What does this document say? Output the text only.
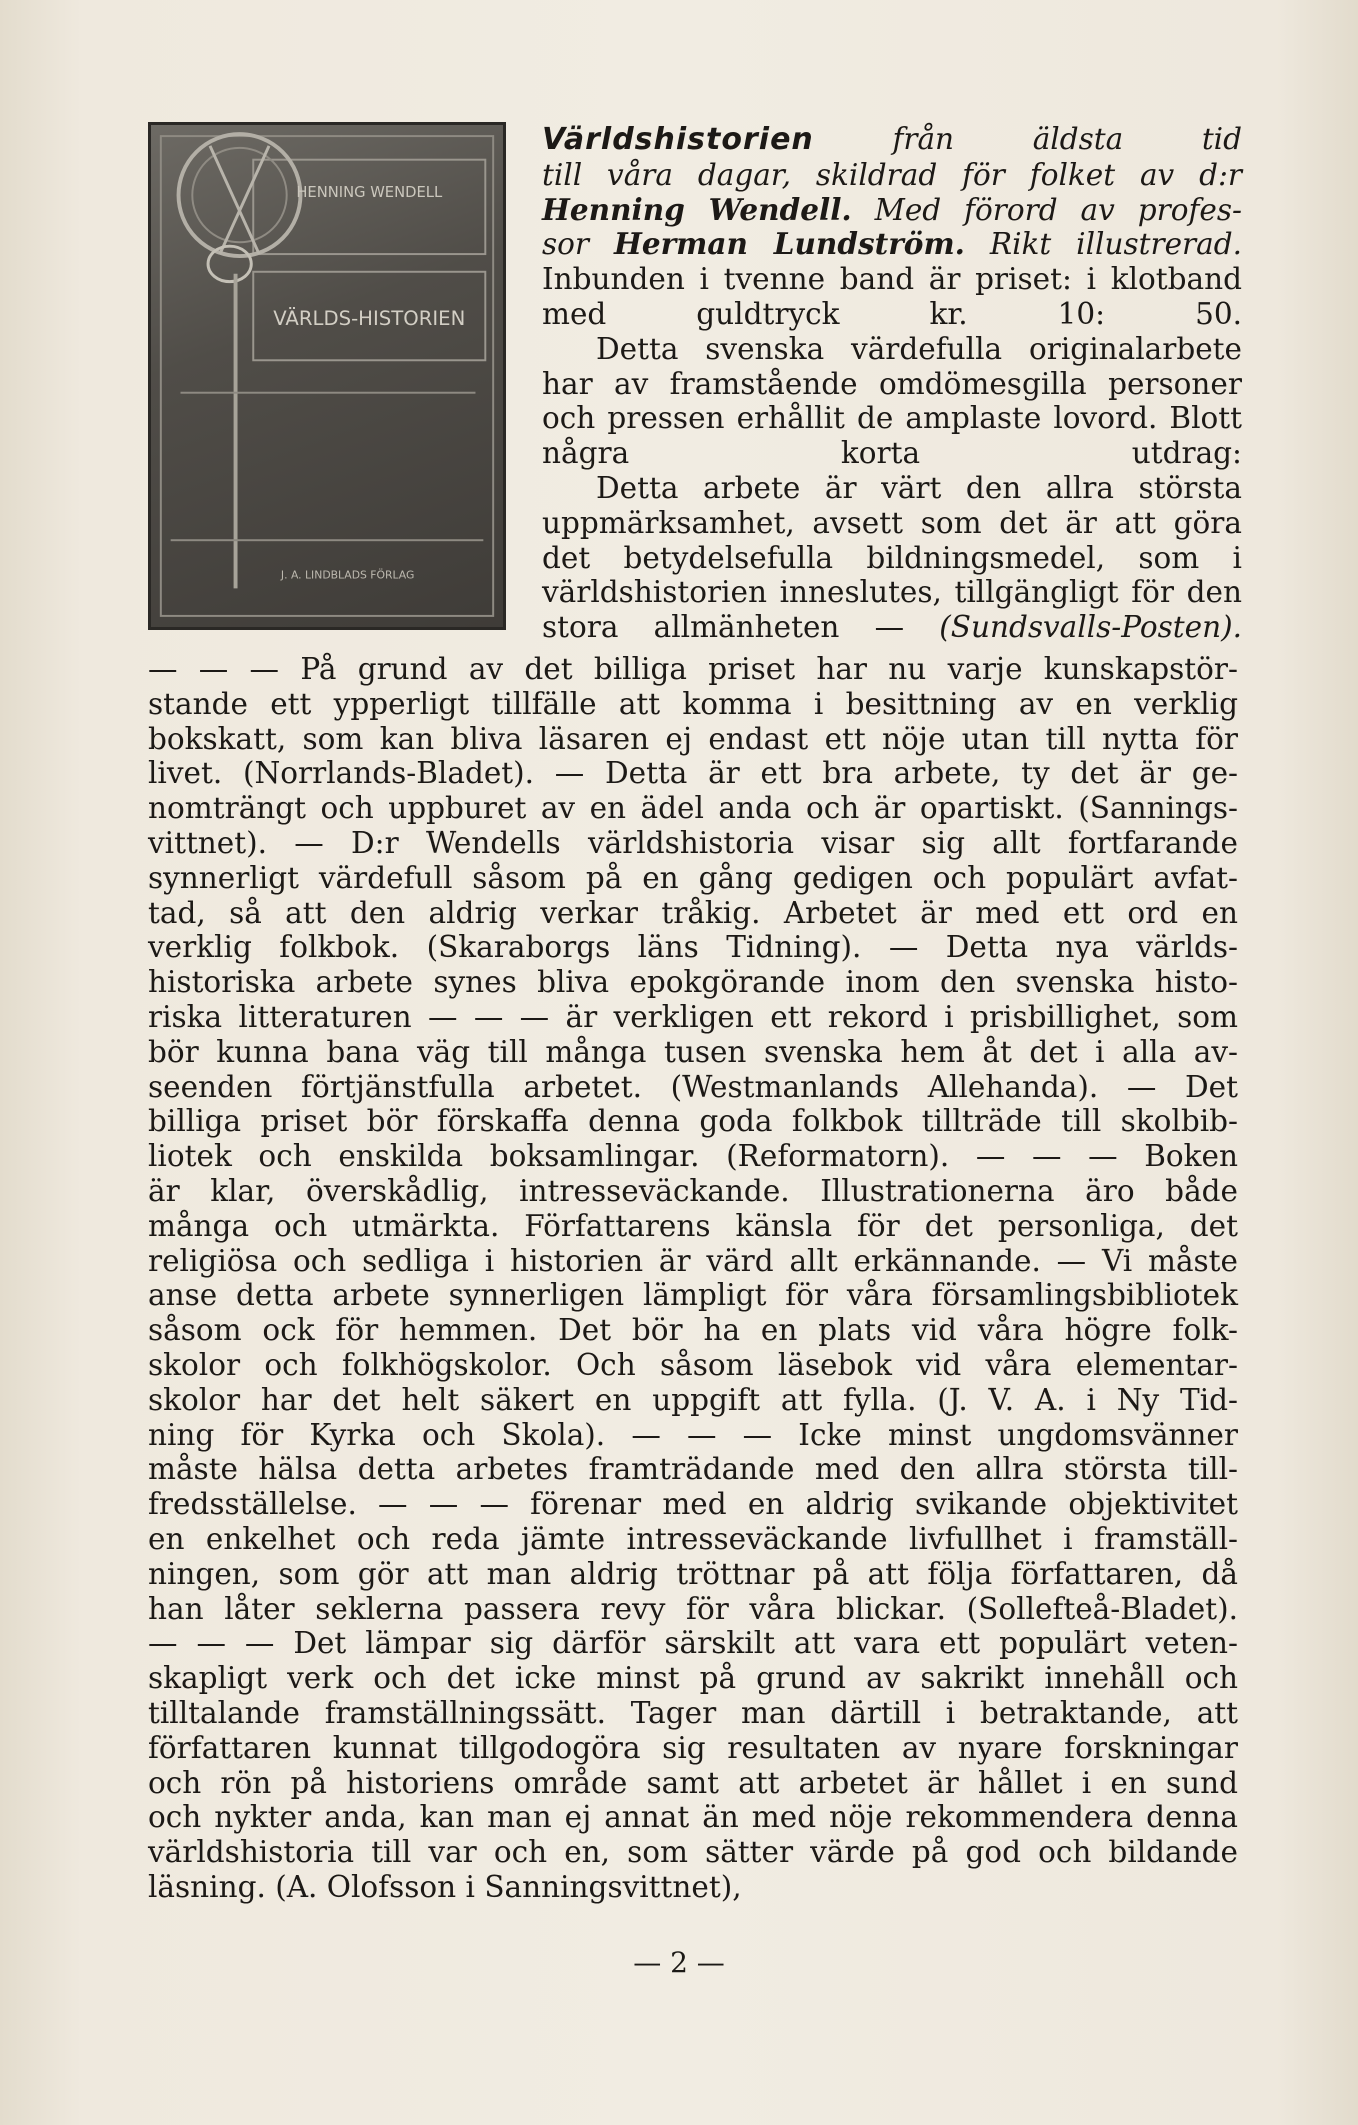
HENNING WENDELL
VÄRLDS-HISTORIEN
J. A. LINDBLADS FÖRLAG
Världshistorien	från äldsta tid
till våra dagar, skildrad för folket av d:r
Henning Wendell. Med förord av profes-
sor Herman Lundström. Rikt illustrerad.
Inbunden i tvenne band är priset: i klotband
med guldtryck kr. 10: 50.
Detta svenska värdefulla originalarbete
har av framstående omdömesgilla personer
och pressen erhållit de amplaste lovord. Blott
några korta utdrag:
Detta arbete är värt den allra största
uppmärksamhet, avsett som det är att göra
det betydelsefulla bildningsmedel, som i
världshistorien inneslutes, tillgängligt för den
stora allmänheten — (Sundsvalls-Posten).
— — — På grund av det billiga priset har nu varje kunskapstör-
stande ett ypperligt tillfälle att komma i besittning av en verklig
bokskatt, som kan bliva läsaren ej endast ett nöje utan till nytta för
livet. (Norrlands-Bladet). — Detta är ett bra arbete, ty det är ge-
nomträngt och uppburet av en ädel anda och är opartiskt. (Sannings-
vittnet). — D:r Wendells världshistoria visar sig allt fortfarande
synnerligt värdefull såsom på en gång gedigen och populärt avfat-
tad, så att den aldrig verkar tråkig. Arbetet är med ett ord en
verklig folkbok. (Skaraborgs läns Tidning). — Detta nya världs-
historiska arbete synes bliva epokgörande inom den svenska histo-
riska litteraturen — — — är verkligen ett rekord i prisbillighet, som
bör kunna bana väg till många tusen svenska hem åt det i alla av-
seenden förtjänstfulla arbetet. (Westmanlands Allehanda). — Det
billiga priset bör förskaffa denna goda folkbok tillträde till skolbib-
liotek och enskilda boksamlingar. (Reformatorn). — — — Boken
är klar, överskådlig, intresseväckande. Illustrationerna äro både
många och utmärkta. Författarens känsla för det personliga, det
religiösa och sedliga i historien är värd allt erkännande. — Vi måste
anse detta arbete synnerligen lämpligt för våra församlingsbibliotek
såsom ock för hemmen. Det bör ha en plats vid våra högre folk-
skolor och folkhögskolor. Och såsom läsebok vid våra elementar-
skolor har det helt säkert en uppgift att fylla. (J. V. A. i Ny Tid-
ning för Kyrka och Skola). — — — Icke minst ungdomsvänner
måste hälsa detta arbetes framträdande med den allra största till-
fredsställelse. — — — förenar med en aldrig svikande objektivitet
en enkelhet och reda jämte intresseväckande livfullhet i framställ-
ningen, som gör att man aldrig tröttnar på att följa författaren, då
han låter seklerna passera revy för våra blickar. (Sollefteå-Bladet).
— — — Det lämpar sig därför särskilt att vara ett populärt veten-
skapligt verk och det icke minst på grund av sakrikt innehåll och
tilltalande framställningssätt. Tager man därtill i betraktande, att
författaren kunnat tillgodogöra sig resultaten av nyare forskningar
och rön på historiens område samt att arbetet är hållet i en sund
och nykter anda, kan man ej annat än med nöje rekommendera denna
världshistoria till var och en, som sätter värde på god och bildande
läsning. (A. Olofsson i Sanningsvittnet),
— 2 —
